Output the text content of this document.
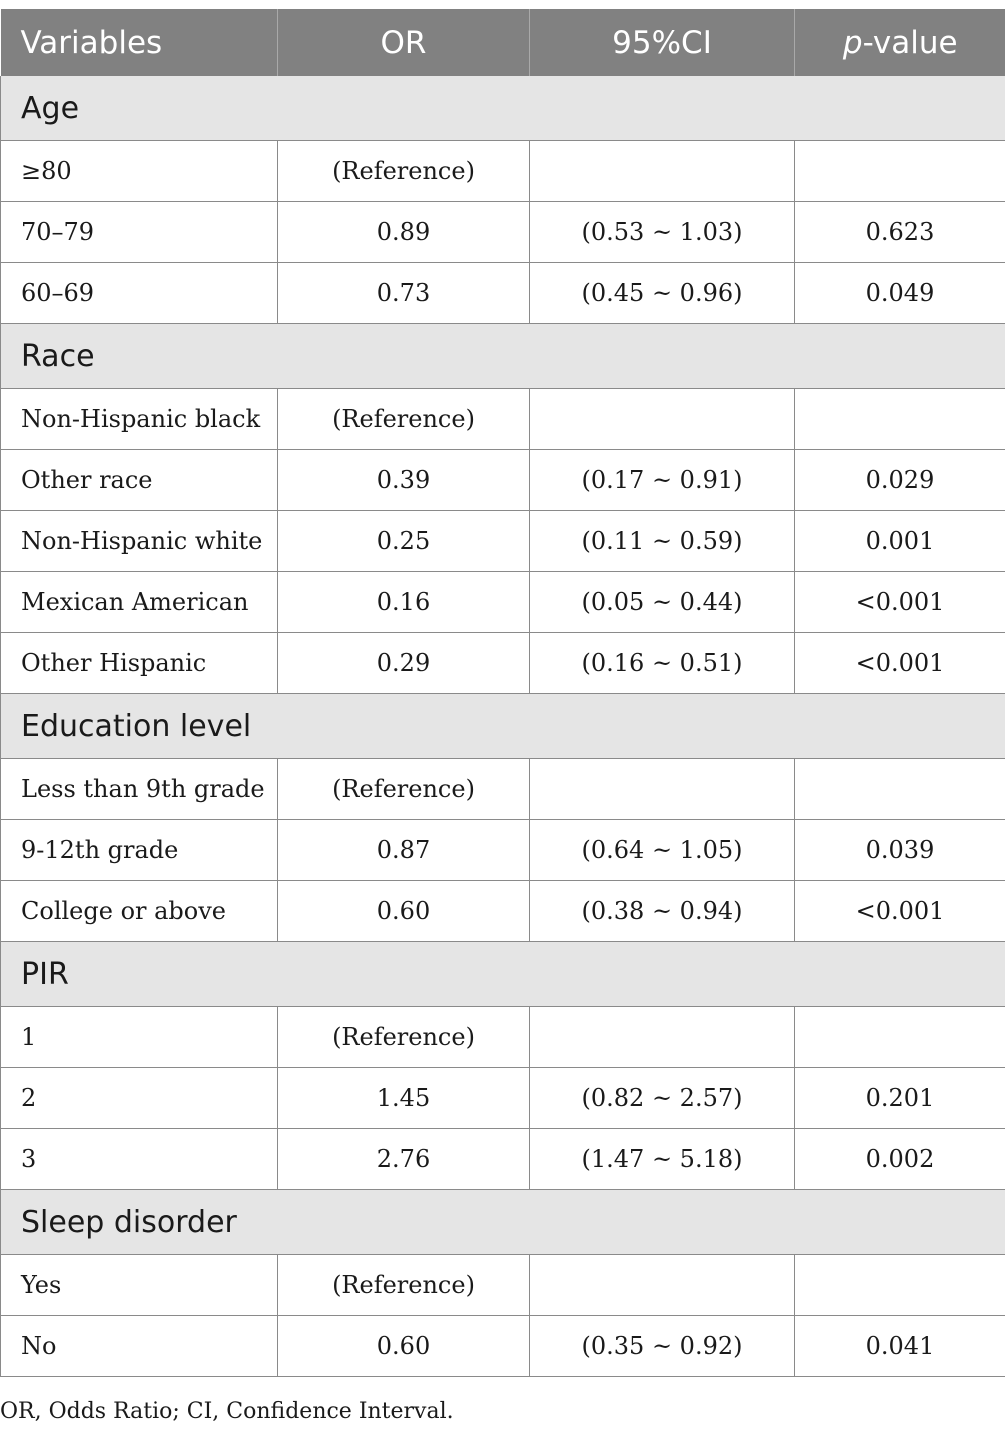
Variables	OR	95%CI	p-value
Age			
≥80	(Reference)		
70–79	0.89	(0.53 ~ 1.03)	0.623
60–69	0.73	(0.45 ~ 0.96)	0.049
Race			
Non-Hispanic black	(Reference)		
Other race	0.39	(0.17 ~ 0.91)	0.029
Non-Hispanic white	0.25	(0.11 ~ 0.59)	0.001
Mexican American	0.16	(0.05 ~ 0.44)	<0.001
Other Hispanic	0.29	(0.16 ~ 0.51)	<0.001
Education level			
Less than 9th grade	(Reference)		
9-12th grade	0.87	(0.64 ~ 1.05)	0.039
College or above	0.60	(0.38 ~ 0.94)	<0.001
PIR			
1	(Reference)		
2	1.45	(0.82 ~ 2.57)	0.201
3	2.76	(1.47 ~ 5.18)	0.002
Sleep disorder			
Yes	(Reference)		
No	0.60	(0.35 ~ 0.92)	0.041
OR, Odds Ratio; CI, Confidence Interval.
